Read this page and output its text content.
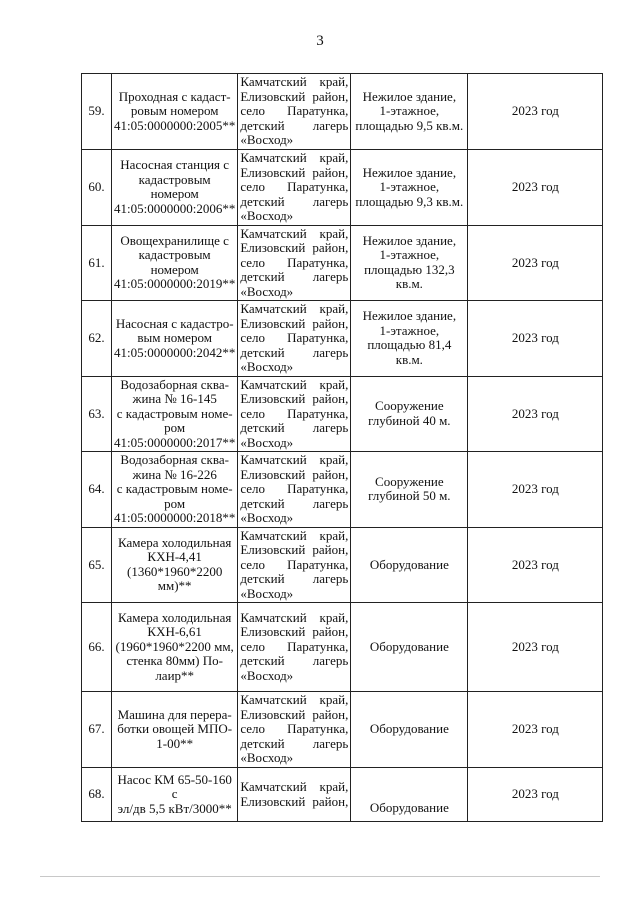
3
59.	Проходная с кадаст-
ровым номером
41:05:0000000:2005**	Камчатский край,
Елизовский район,
село Паратунка,
детский лагерь
«Восход»	Нежилое здание,
1-этажное,
площадью 9,5 кв.м.	2023 год
60.	Насосная станция с
кадастровым номером
41:05:0000000:2006**	Камчатский край,
Елизовский район,
село Паратунка,
детский лагерь
«Восход»	Нежилое здание,
1-этажное,
площадью 9,3 кв.м.	2023 год
61.	Овощехранилище с
кадастровым номером
41:05:0000000:2019**	Камчатский край,
Елизовский район,
село Паратунка,
детский лагерь
«Восход»	Нежилое здание,
1-этажное,
площадью 132,3
кв.м.	2023 год
62.	Насосная с кадастро-
вым номером
41:05:0000000:2042**	Камчатский край,
Елизовский район,
село Паратунка,
детский лагерь
«Восход»	Нежилое здание,
1-этажное,
площадью 81,4
кв.м.	2023 год
63.	Водозаборная сква-
жина № 16-145
с кадастровым номе-
ром
41:05:0000000:2017**	Камчатский край,
Елизовский район,
село Паратунка,
детский лагерь
«Восход»	Сооружение
глубиной 40 м.	2023 год
64.	Водозаборная сква-
жина № 16-226
с кадастровым номе-
ром
41:05:0000000:2018**	Камчатский край,
Елизовский район,
село Паратунка,
детский лагерь
«Восход»	Сооружение
глубиной 50 м.	2023 год
65.	Камера холодильная
КХН-4,41
(1360*1960*2200
мм)**	Камчатский край,
Елизовский район,
село Паратунка,
детский лагерь
«Восход»	Оборудование	2023 год
66.	Камера холодильная
КХН-6,61
(1960*1960*2200 мм,
стенка 80мм) По-
лаир**	Камчатский край,
Елизовский район,
село Паратунка,
детский лагерь
«Восход»	Оборудование	2023 год
67.	Машина для перера-
ботки овощей МПО-
1-00**	Камчатский край,
Елизовский район,
село Паратунка,
детский лагерь
«Восход»	Оборудование	2023 год
68.	Насос КМ 65-50-160 с
эл/дв 5,5 кВт/3000**	Камчатский край,
Елизовский район,	Оборудование	2023 год
